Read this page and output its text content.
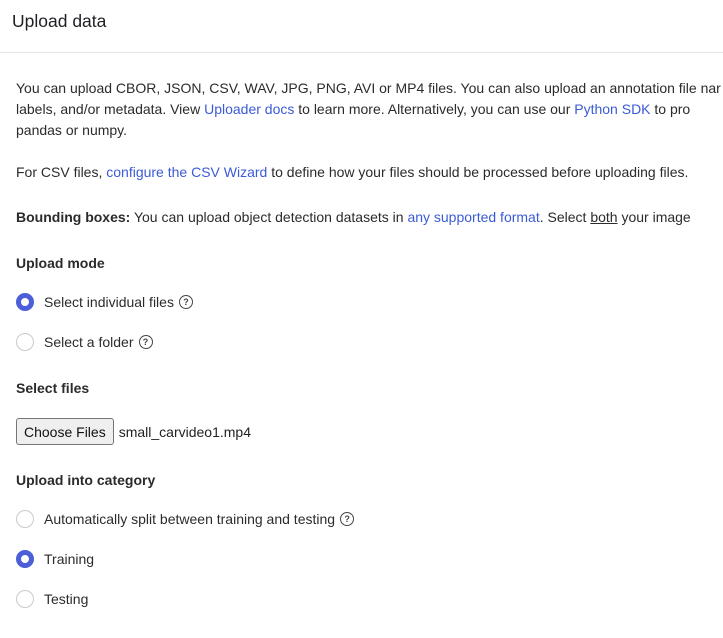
Upload data
You can upload CBOR, JSON, CSV, WAV, JPG, PNG, AVI or MP4 files. You can also upload an annotation file nar
labels, and/or metadata. View Uploader docs to learn more. Alternatively, you can use our Python SDK to pro
pandas or numpy.
For CSV files, configure the CSV Wizard to define how your files should be processed before uploading files.
Bounding boxes: You can upload object detection datasets in any supported format. Select both your image
Upload mode
Select individual files	?
Select a folder	?
Select files
Choose Files small_carvideo1.mp4
Upload into category
Automatically split between training and testing	?
Training
Testing
